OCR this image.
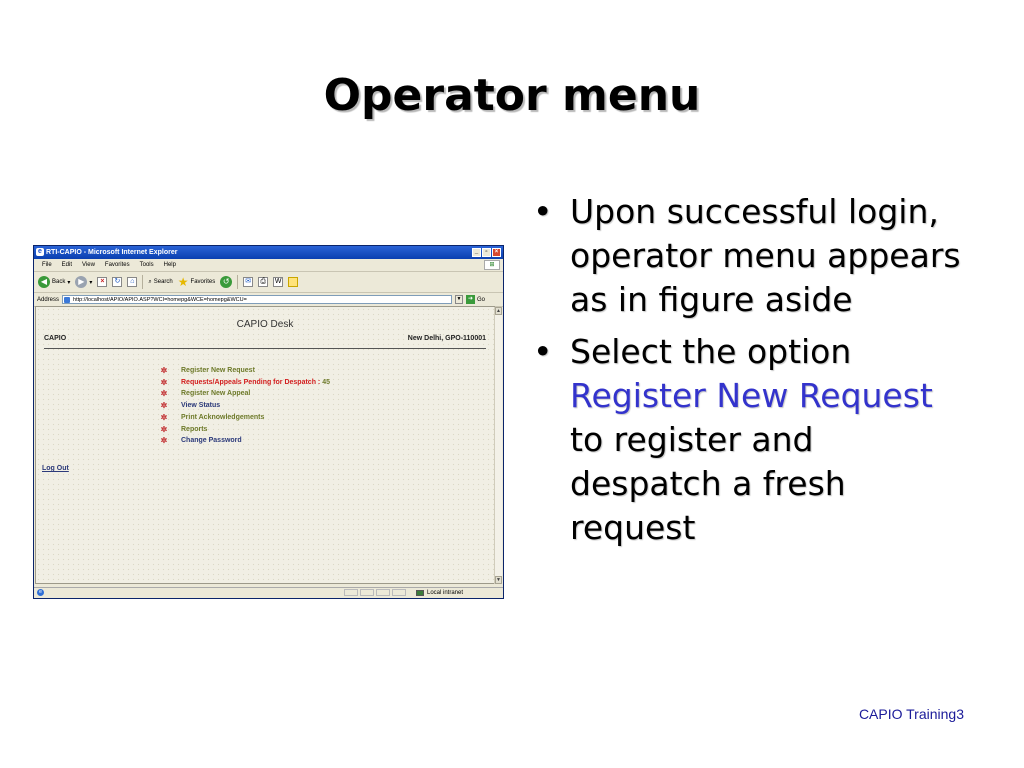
Operator menu
• Upon successful login, operator menu appears as in figure aside
• Select the option Register New Request to register and despatch a fresh request
CAPIO Training3
e RTI-CAPIO - Microsoft Internet Explorer	_	▫	×
File Edit View Favorites Tools Help	⊞
◀ Back ▾ ▶ ▾	×	↻	⌂	⌕ Search ★ Favorites ↺	✉	⎙	W
Address	http://localhost/APIO/APIO.ASP?WCI=homepg&WCE=homepg&WCU=	▼	➜ Go
CAPIO Desk
CAPIO	New Delhi, GPO-110001
✲ Register New Request
✲ Requests/Appeals Pending for Despatch : 45
✲ Register New Appeal
✲ View Status
✲ Print Acknowledgements
✲ Reports
✲ Change Password
Log Out
▲
▼
e	Local intranet
